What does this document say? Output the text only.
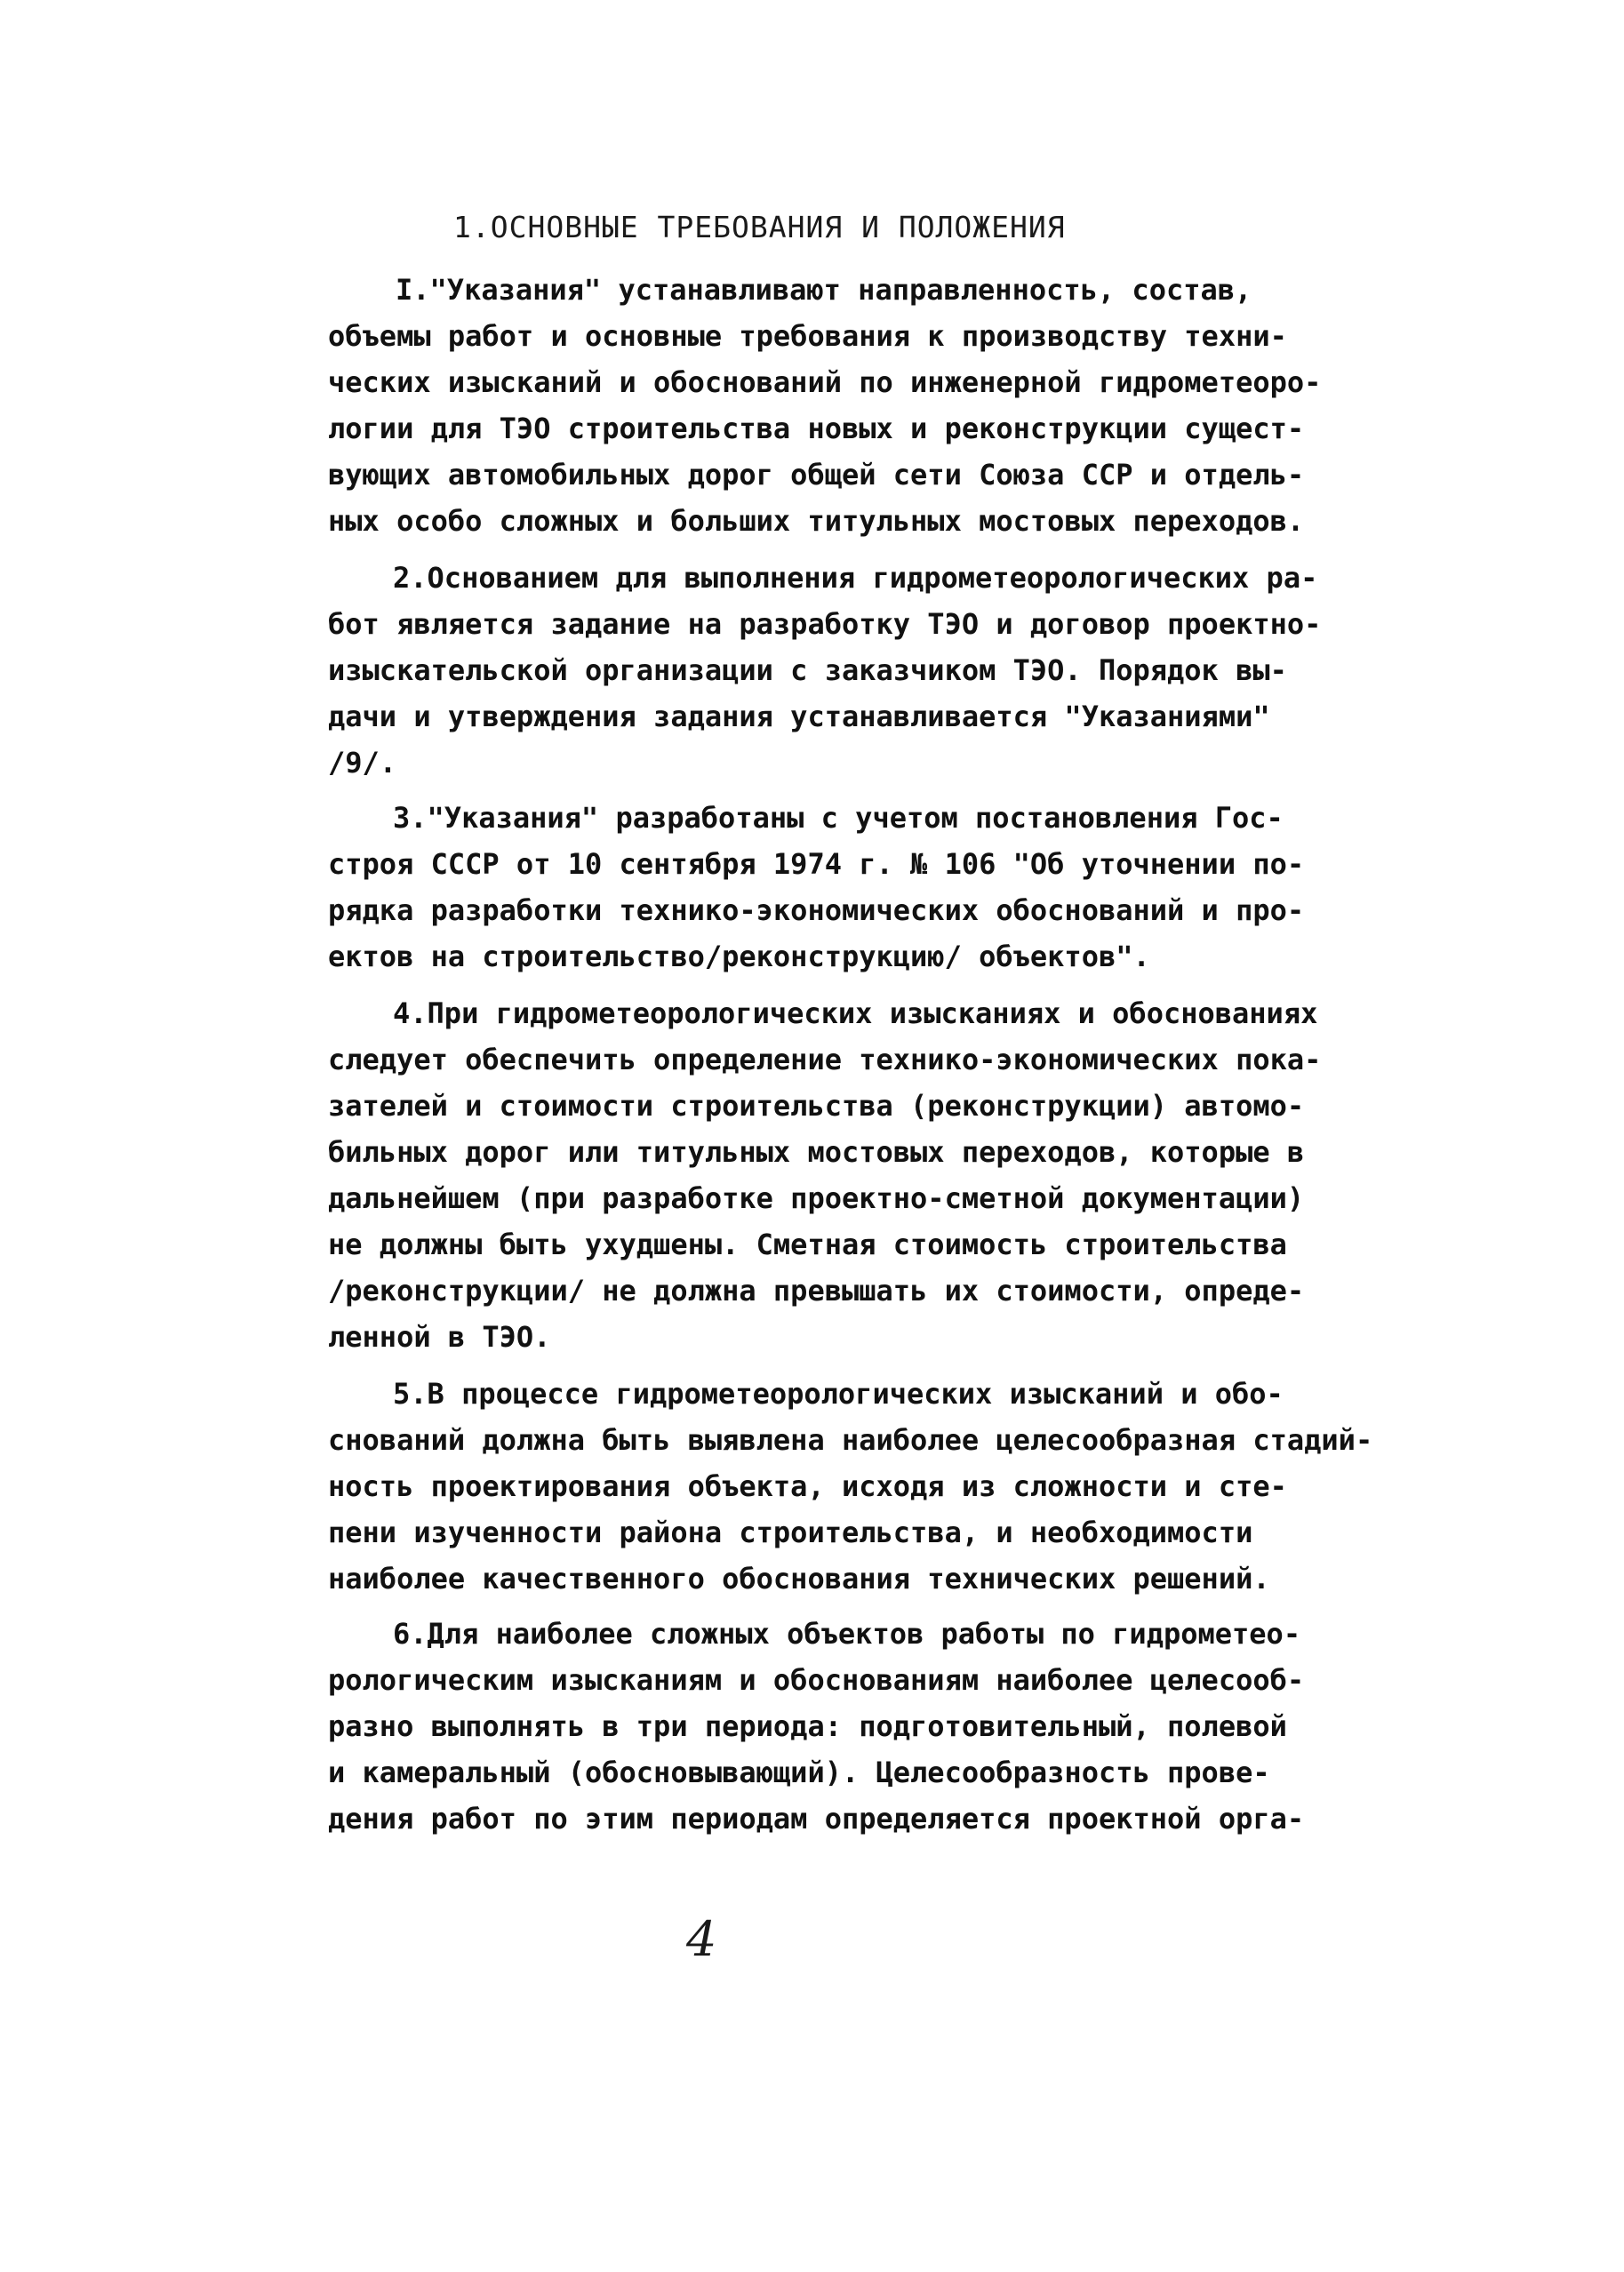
1.ОСНОВНЫЕ ТРЕБОВАНИЯ И ПОЛОЖЕНИЯ
I."Указания" устанавливают направленность, состав,
объемы работ и основные требования к производству техни-
ческих изысканий и обоснований по инженерной гидрометеоро-
логии для ТЭО строительства новых и реконструкции сущест-
вующих автомобильных дорог общей сети Союза ССР и отдель-
ных особо сложных и больших титульных мостовых переходов.
2.Основанием для выполнения гидрометеорологических ра-
бот является задание на разработку ТЭО и договор проектно-
изыскательской организации с заказчиком ТЭО. Порядок вы-
дачи и утверждения задания устанавливается "Указаниями"
/9/.
3."Указания" разработаны с учетом постановления Гос-
строя СССР от 10 сентября 1974 г. № 106 "Об уточнении по-
рядка разработки технико-экономических обоснований и про-
ектов на строительство/реконструкцию/ объектов".
4.При гидрометеорологических изысканиях и обоснованиях
следует обеспечить определение технико-экономических пока-
зателей и стоимости строительства (реконструкции) автомо-
бильных дорог или титульных мостовых переходов, которые в
дальнейшем (при разработке проектно-сметной документации)
не должны быть ухудшены. Сметная стоимость строительства
/реконструкции/ не должна превышать их стоимости, опреде-
ленной в ТЭО.
5.В процессе гидрометеорологических изысканий и обо-
снований должна быть выявлена наиболее целесообразная стадий-
ность проектирования объекта, исходя из сложности и сте-
пени изученности района строительства, и необходимости
наиболее качественного обоснования технических решений.
6.Для наиболее сложных объектов работы по гидрометео-
рологическим изысканиям и обоснованиям наиболее целесооб-
разно выполнять в три периода: подготовительный, полевой
и камеральный (обосновывающий). Целесообразность прове-
дения работ по этим периодам определяется проектной орга-
4
